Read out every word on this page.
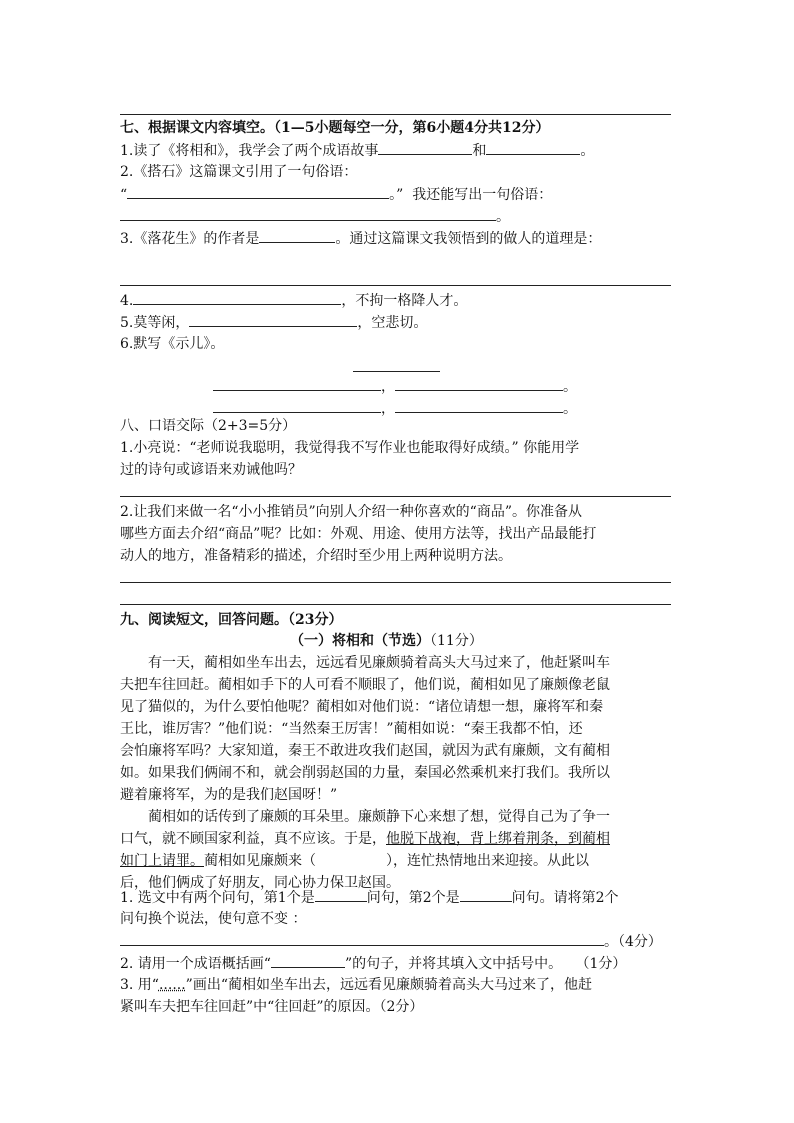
七、根据课文内容填空。（1—5小题每空一分，第6小题4分共12分）
1.读了《将相和》，我学会了两个成语故事	和	。
2.《搭石》这篇课文引用了一句俗语：
“	。” 我还能写出一句俗语：
。
3.《落花生》的作者是	。通过这篇课文我领悟到的做人的道理是：
4.	，不拘一格降人才。
5.莫等闲，	，空悲切。
6.默写《示儿》。
，	。
，	。
八、口语交际（2+3=5分）
1.小亮说：“老师说我聪明，我觉得我不写作业也能取得好成绩。” 你能用学
过的诗句或谚语来劝诫他吗？
2.让我们来做一名“小小推销员”向别人介绍一种你喜欢的“商品”。你准备从
哪些方面去介绍“商品”呢？比如：外观、用途、使用方法等，找出产品最能打
动人的地方，准备精彩的描述，介绍时至少用上两种说明方法。
九、阅读短文，回答问题。（23分）
（一）将相和（节选）（11分）
有一天，蔺相如坐车出去，远远看见廉颇骑着高头大马过来了，他赶紧叫车
夫把车往回赶。蔺相如手下的人可看不顺眼了，他们说，蔺相如见了廉颇像老鼠
见了猫似的，为什么要怕他呢？蔺相如对他们说：“诸位请想一想，廉将军和秦
王比，谁厉害？”他们说：“当然秦王厉害！”蔺相如说：“秦王我都不怕，还
会怕廉将军吗？大家知道，秦王不敢进攻我们赵国，就因为武有廉颇，文有蔺相
如。如果我们俩闹不和，就会削弱赵国的力量，秦国必然乘机来打我们。我所以
避着廉将军，为的是我们赵国呀！”
蔺相如的话传到了廉颇的耳朵里。廉颇静下心来想了想，觉得自己为了争一
口气，就不顾国家利益，真不应该。于是，他脱下战袍，背上绑着荆条，到蔺相
如门上请罪。蔺相如见廉颇来（	），连忙热情地出来迎接。从此以
后，他们俩成了好朋友，同心协力保卫赵国。
1. 选文中有两个问句，第1个是	问句，第2个是	问句。请将第2个
问句换个说法，使句意不变 ：
。（4分）
2. 请用一个成语概括画“	”的句子，并将其填入文中括号中。 （1分）
3. 用“......”画出“蔺相如坐车出去，远远看见廉颇骑着高头大马过来了，他赶
紧叫车夫把车往回赶”中“往回赶”的原因。（2分）
